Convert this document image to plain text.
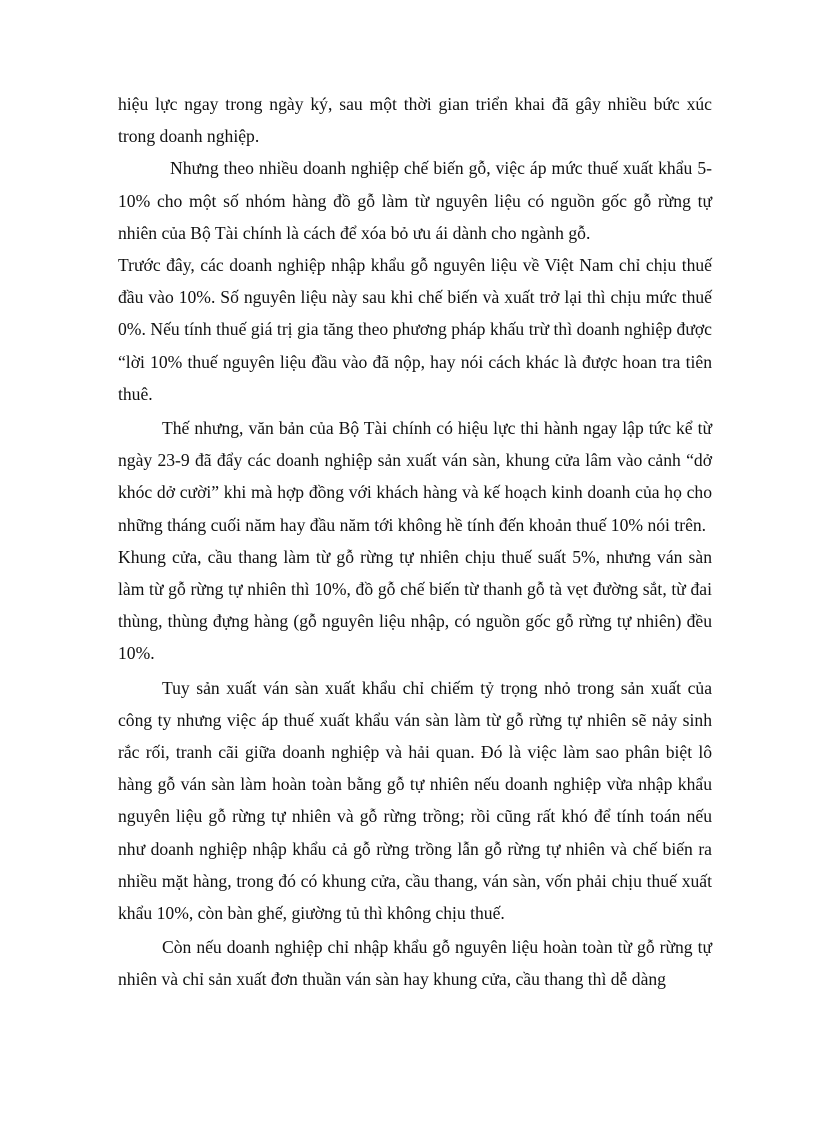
hiệu lực ngay trong ngày ký, sau một thời gian triển khai đã gây nhiều bức xúc trong doanh nghiệp.

Nhưng theo nhiều doanh nghiệp chế biến gỗ, việc áp mức thuế xuất khẩu 5-10% cho một số nhóm hàng đồ gỗ làm từ nguyên liệu có nguồn gốc gỗ rừng tự nhiên của Bộ Tài chính là cách để xóa bỏ ưu ái dành cho ngành gỗ.

Trước đây, các doanh nghiệp nhập khẩu gỗ nguyên liệu về Việt Nam chỉ chịu thuế đầu vào 10%. Số nguyên liệu này sau khi chế biến và xuất trở lại thì chịu mức thuế 0%. Nếu tính thuế giá trị gia tăng theo phương pháp khấu trừ thì doanh nghiệp được “lời 10% thuế nguyên liệu đầu vào đã nộp, hay nói cách khác là được hoan tra tiên thuê.

Thế nhưng, văn bản của Bộ Tài chính có hiệu lực thi hành ngay lập tức kể từ ngày 23-9 đã đẩy các doanh nghiệp sản xuất ván sàn, khung cửa lâm vào cảnh “dở khóc dở cười” khi mà hợp đồng với khách hàng và kế hoạch kinh doanh của họ cho những tháng cuối năm hay đầu năm tới không hề tính đến khoản thuế 10% nói trên.

Khung cửa, cầu thang làm từ gỗ rừng tự nhiên chịu thuế suất 5%, nhưng ván sàn làm từ gỗ rừng tự nhiên thì 10%, đồ gỗ chế biến từ thanh gỗ tà vẹt đường sắt, từ đai thùng, thùng đựng hàng (gỗ nguyên liệu nhập, có nguồn gốc gỗ rừng tự nhiên) đều 10%.

Tuy sản xuất ván sàn xuất khẩu chỉ chiếm tỷ trọng nhỏ trong sản xuất của công ty nhưng việc áp thuế xuất khẩu ván sàn làm từ gỗ rừng tự nhiên sẽ nảy sinh rắc rối, tranh cãi giữa doanh nghiệp và hải quan. Đó là việc làm sao phân biệt lô hàng gỗ ván sàn làm hoàn toàn bằng gỗ tự nhiên nếu doanh nghiệp vừa nhập khẩu nguyên liệu gỗ rừng tự nhiên và gỗ rừng trồng; rồi cũng rất khó để tính toán nếu như doanh nghiệp nhập khẩu cả gỗ rừng trồng lẫn gỗ rừng tự nhiên và chế biến ra nhiều mặt hàng, trong đó có khung cửa, cầu thang, ván sàn, vốn phải chịu thuế xuất khẩu 10%, còn bàn ghế, giường tủ thì không chịu thuế.

Còn nếu doanh nghiệp chỉ nhập khẩu gỗ nguyên liệu hoàn toàn từ gỗ rừng tự nhiên và chỉ sản xuất đơn thuần ván sàn hay khung cửa, cầu thang thì dễ dàng
